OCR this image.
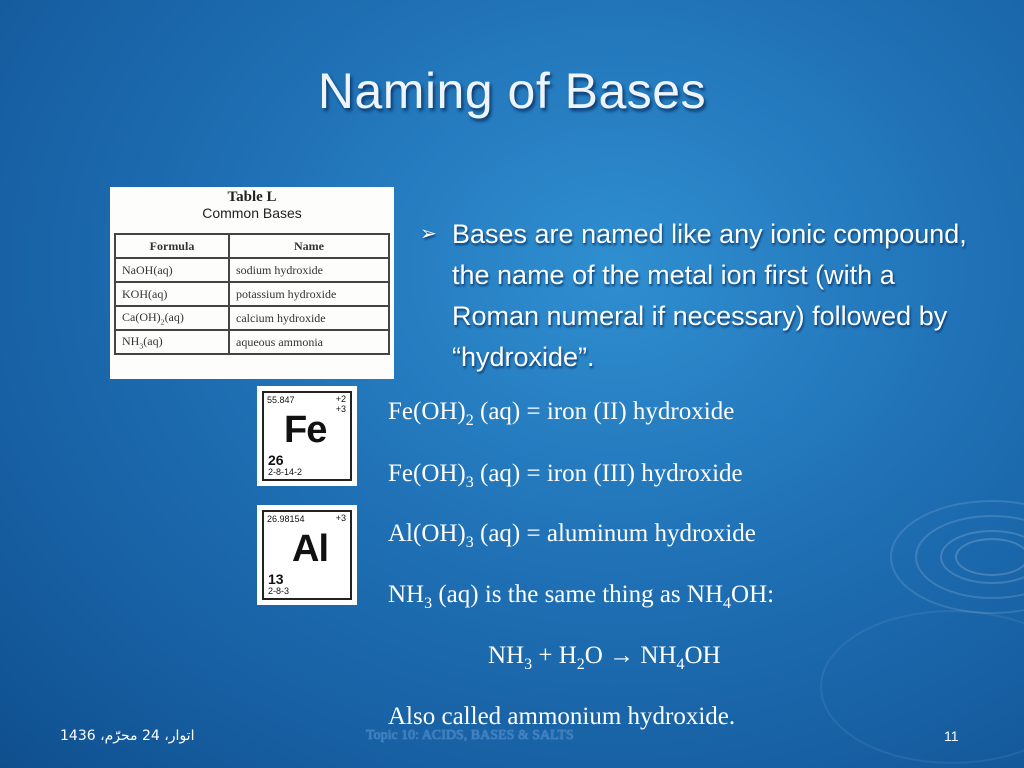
Naming of Bases
Table L
Common Bases
Formula	Name
NaOH(aq)	sodium hydroxide
KOH(aq)	potassium hydroxide
$Ca(OH)_2(aq)$	calcium hydroxide
$NH_3(aq)$	aqueous ammonia
55.847	+2
+3
Fe
26
2-8-14-2
26.98154	+3
Al
13
2-8-3
➢ Bases are named like any ionic compound, the name of the metal ion first (with a Roman numeral if necessary) followed by “hydroxide”.
$Fe(OH)_2$ (aq) = iron (II) hydroxide
$Fe(OH)_3$ (aq) = iron (III) hydroxide
$Al(OH)_3$ (aq) = aluminum hydroxide
$NH_3$ (aq) is the same thing as $NH_4OH$:
$NH_3 + H_2O \to NH_4OH$
Also called ammonium hydroxide.
اتوار، 24 محرّم، 1436	Topic 10: ACIDS, BASES & SALTS	11
